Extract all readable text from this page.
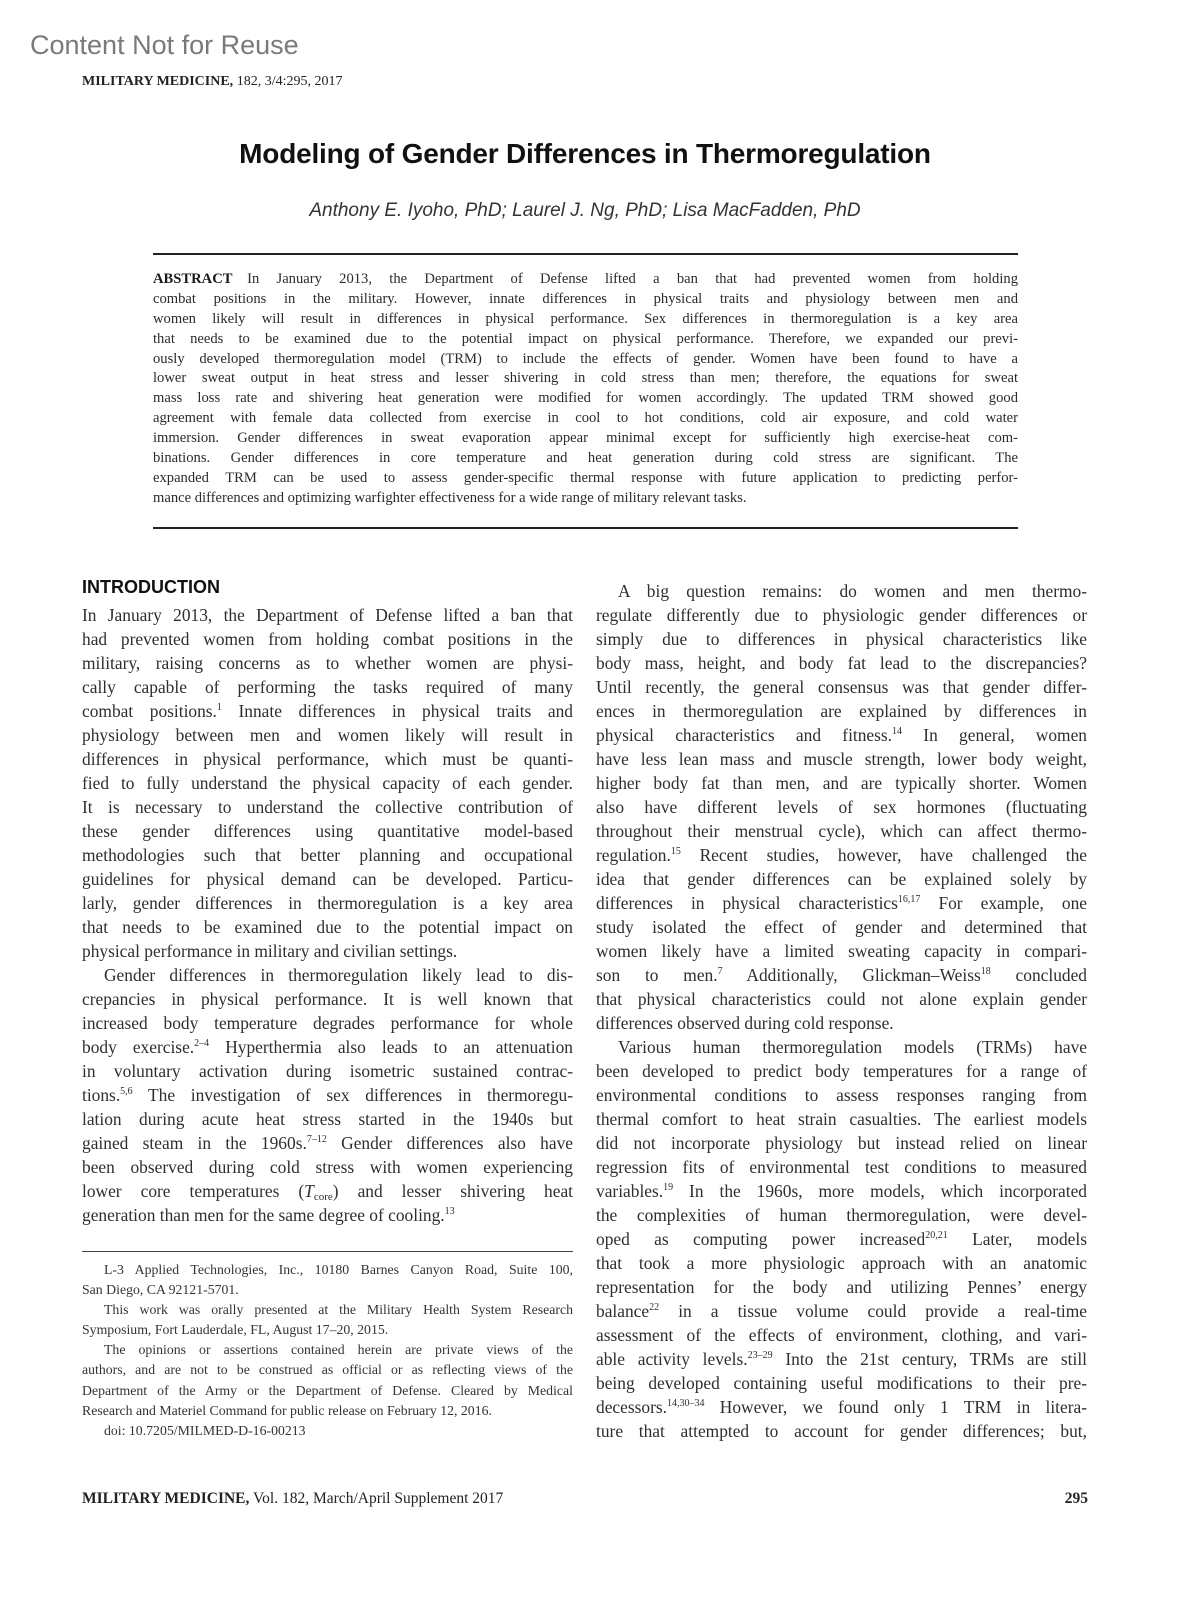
Content Not for Reuse
MILITARY MEDICINE, 182, 3/4:295, 2017
Modeling of Gender Differences in Thermoregulation
Anthony E. Iyoho, PhD; Laurel J. Ng, PhD; Lisa MacFadden, PhD
ABSTRACT  In January 2013, the Department of Defense lifted a ban that had prevented women from holding
combat positions in the military. However, innate differences in physical traits and physiology between men and
women likely will result in differences in physical performance. Sex differences in thermoregulation is a key area
that needs to be examined due to the potential impact on physical performance. Therefore, we expanded our previ-
ously developed thermoregulation model (TRM) to include the effects of gender. Women have been found to have a
lower sweat output in heat stress and lesser shivering in cold stress than men; therefore, the equations for sweat
mass loss rate and shivering heat generation were modified for women accordingly. The updated TRM showed good
agreement with female data collected from exercise in cool to hot conditions, cold air exposure, and cold water
immersion. Gender differences in sweat evaporation appear minimal except for sufficiently high exercise-heat com-
binations. Gender differences in core temperature and heat generation during cold stress are significant. The
expanded TRM can be used to assess gender-specific thermal response with future application to predicting perfor-
mance differences and optimizing warfighter effectiveness for a wide range of military relevant tasks.
INTRODUCTION
In January 2013, the Department of Defense lifted a ban that
had prevented women from holding combat positions in the
military, raising concerns as to whether women are physi-
cally capable of performing the tasks required of many
combat positions.$^1$ Innate differences in physical traits and
physiology between men and women likely will result in
differences in physical performance, which must be quanti-
fied to fully understand the physical capacity of each gender.
It is necessary to understand the collective contribution of
these gender differences using quantitative model-based
methodologies such that better planning and occupational
guidelines for physical demand can be developed. Particu-
larly, gender differences in thermoregulation is a key area
that needs to be examined due to the potential impact on
physical performance in military and civilian settings.
Gender differences in thermoregulation likely lead to dis-
crepancies in physical performance. It is well known that
increased body temperature degrades performance for whole
body exercise.$^{2-4}$ Hyperthermia also leads to an attenuation
in voluntary activation during isometric sustained contrac-
tions.$^{5,6}$ The investigation of sex differences in thermoregu-
lation during acute heat stress started in the 1940s but
gained steam in the 1960s.$^{7-12}$ Gender differences also have
been observed during cold stress with women experiencing
lower core temperatures $(T_{core})$ and lesser shivering heat
generation than men for the same degree of cooling.$^{13}$
A big question remains: do women and men thermo-
regulate differently due to physiologic gender differences or
simply due to differences in physical characteristics like
body mass, height, and body fat lead to the discrepancies?
Until recently, the general consensus was that gender differ-
ences in thermoregulation are explained by differences in
physical characteristics and fitness.$^{14}$ In general, women
have less lean mass and muscle strength, lower body weight,
higher body fat than men, and are typically shorter. Women
also have different levels of sex hormones (fluctuating
throughout their menstrual cycle), which can affect thermo-
regulation.$^{15}$ Recent studies, however, have challenged the
idea that gender differences can be explained solely by
differences in physical characteristics$^{16,17}$ For example, one
study isolated the effect of gender and determined that
women likely have a limited sweating capacity in compari-
son to men.$^7$ Additionally, Glickman–Weiss$^{18}$ concluded
that physical characteristics could not alone explain gender
differences observed during cold response.
Various human thermoregulation models (TRMs) have
been developed to predict body temperatures for a range of
environmental conditions to assess responses ranging from
thermal comfort to heat strain casualties. The earliest models
did not incorporate physiology but instead relied on linear
regression fits of environmental test conditions to measured
variables.$^{19}$ In the 1960s, more models, which incorporated
the complexities of human thermoregulation, were devel-
oped as computing power increased$^{20,21}$ Later, models
that took a more physiologic approach with an anatomic
representation for the body and utilizing Pennes’ energy
balance$^{22}$ in a tissue volume could provide a real-time
assessment of the effects of environment, clothing, and vari-
able activity levels.$^{23-29}$ Into the 21st century, TRMs are still
being developed containing useful modifications to their pre-
decessors.$^{14,30-34}$ However, we found only 1 TRM in litera-
ture that attempted to account for gender differences; but,
L-3 Applied Technologies, Inc., 10180 Barnes Canyon Road, Suite 100,
San Diego, CA 92121-5701.
This work was orally presented at the Military Health System Research
Symposium, Fort Lauderdale, FL, August 17–20, 2015.
The opinions or assertions contained herein are private views of the
authors, and are not to be construed as official or as reflecting views of the
Department of the Army or the Department of Defense. Cleared by Medical
Research and Materiel Command for public release on February 12, 2016.
doi: 10.7205/MILMED-D-16-00213
MILITARY MEDICINE, Vol. 182, March/April Supplement 2017	295
